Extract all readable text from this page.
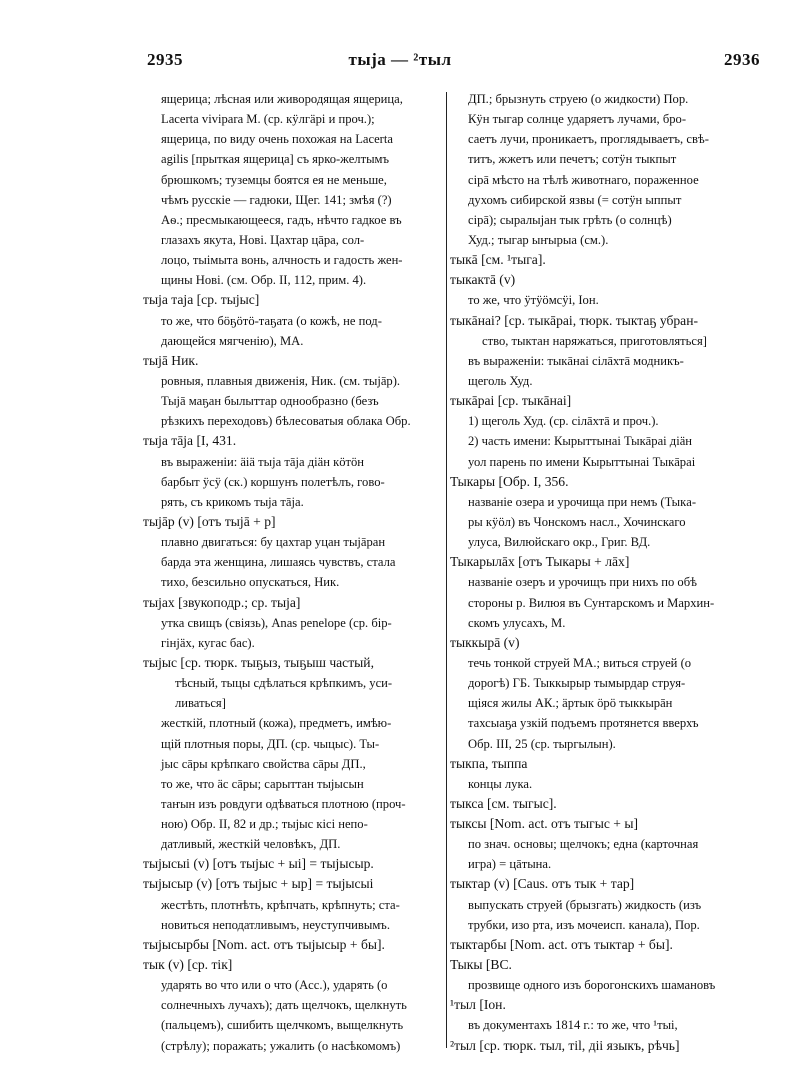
2935	тыја — ²тыл	2936
ящерица; лѣсная или живородящая ящерица,
Lacerta vivipara М. (ср. кӱлгäрі и проч.);
ящерица, по виду очень похожая на Lacerta
agilis [прыткая ящерица] съ ярко-желтымъ
брюшкомъ; туземцы боятся ея не меньше,
чѣмъ русскіе — гадюки, Щег. 141; змѣя (?)
Аѳ.; пресмыкающееся, гадъ, нѣчто гадкое въ
глазахъ якута, Нові. Цахтар цāра, сол-
лоцо, тыімыта вонь, алчность и гадость жен-
щины Нові. (см. Обр. II, 112, прим. 4).
тыја таја [ср. тыјыс]
то же, что бӧҕӧтӧ-таҕата (о кожѣ, не под-
дающейся мягченію), МА.
тыјā Ник.
ровныя, плавныя движенія, Ник. (см. тыјāр).
Тыјā маҕан былыттар однообразно (безъ
рѣзкихъ переходовъ) бѣлесоватыя облака Обр.
тыја тāја [I, 431.
въ выраженіи: äiä тыја тāја дiäн кӧтӧн
барбыт ӱсӱ (ск.) коршунъ полетѣлъ, гово-
рять, съ крикомъ тыја тāја.
тыјāр (v) [отъ тыјā + р]
плавно двигаться: бу цахтар уцан тыјāран
барда эта женщина, лишаясь чувствъ, стала
тихо, безсильно опускаться, Ник.
тыјах [звукоподр.; ср. тыја]
утка свищъ (свіязь), Anas penelope (ср. бір-
гінјäх, кугас бас).
тыјыс [ср. тюрк. тыҕыз, тыҕыш частый,
тѣсный, тыцы сдѣлаться крѣпкимъ, уси-
ливаться]
жесткій, плотный (кожа), предметъ, имѣю-
щій плотныя поры, ДП. (ср. чыцыс). Ты-
јыс сāры крѣпкаго свойства сāры ДП.,
то же, что äс сāры; сарыттан тыјысын
таҥын изъ ровдуги одѣваться плотною (проч-
ною) Обр. II, 82 и др.; тыјыс кісі непо-
датливый, жесткій человѣкъ, ДП.
тыјысыі (v) [отъ тыјыс + ыі] = тыјысыр.
тыјысыр (v) [отъ тыјыс + ыр] = тыјысыі
жестѣть, плотнѣть, крѣпчать, крѣпнуть; ста-
новиться неподатливымъ, неуступчивымъ.
тыјысырбы [Nom. act. отъ тыјысыр + бы].
тык (v) [ср. тік]
ударять во что или о что (Acc.), ударять (о
солнечныхъ лучахъ); дать щелчокъ, щелкнуть
(пальцемъ), сшибить щелчкомъ, выщелкнуть
(стрѣлу); поражать; ужалить (о насѣкомомъ)
ДП.; брызнуть струею (о жидкости) Пор.
Кӱн тыгар солнце ударяетъ лучами, бро-
саетъ лучи, проникаетъ, проглядываетъ, свѣ-
титъ, жжетъ или печетъ; сотӱн тыкпыт
сірā мѣсто на тѣлѣ животнаго, пораженное
духомъ сибирской язвы (= сотӱн ыппыт
сірā); сыралыјан тык грѣть (о солнцѣ)
Худ.; тыгар ыҥырыа (см.).
тыкā [см. ¹тыга].
тыкактā (v)
то же, что ӱтӱӧмсӱі, Іон.
тыкāнаі? [ср. тыкāраі, тюрк. тыктаҕ убран-
ство, тыктан наряжаться, приготовляться]
въ выраженіи: тыкāнаі сiлāхтā модникъ-
щеголь Худ.
тыкāраі [ср. тыкāнаі]
1) щеголь Худ. (ср. сiлāхтā и проч.).
2) часть имени: Кырыттынаі Тыкāраі дiäн
уол парень по имени Кырыттынаі Тыкāраі
Тыкары [Обр. I, 356.
названіе озера и урочища при немъ (Тыкa-
ры кӱӧл) въ Чонскомъ насл., Хочинскаго
улуса, Вилюйскаго окр., Григ. ВД.
Тыкарылāх [отъ Тыкары + лāх]
названіе озеръ и урочищъ при нихъ по обѣ
стороны р. Вилюя въ Сунтарскомъ и Мархин-
скомъ улусахъ, М.
тыккырā (v)
течь тонкой струей МА.; виться струей (о
дорогѣ) ГБ. Тыккырыр тымырдар струя-
щіяся жилы АК.; äртык ӧрӧ тыккырāн
тахсыаҕа узкій подъемъ протянется вверхъ
Обр. III, 25 (ср. тыргылын).
тыкпа, тыппа
концы лука.
тыкса [см. тыгыс].
тыксы [Nom. act. отъ тыгыс + ы]
по знач. основы; щелчокъ; една (карточная
игра) = цāтына.
тыктар (v) [Caus. отъ тык + тар]
выпускать струей (брызгать) жидкость (изъ
трубки, изо рта, изъ мочеисп. канала), Пор.
тыктарбы [Nom. act. отъ тыктар + бы].
Тыкы [ВС.
прозвище одного изъ борогонскихъ шамановъ
¹тыл [Іон.
въ документахъ 1814 г.: то же, что ¹тыі,
²тыл [ср. тюрк. тыл, тіl, дiі языкъ, рѣчь]
